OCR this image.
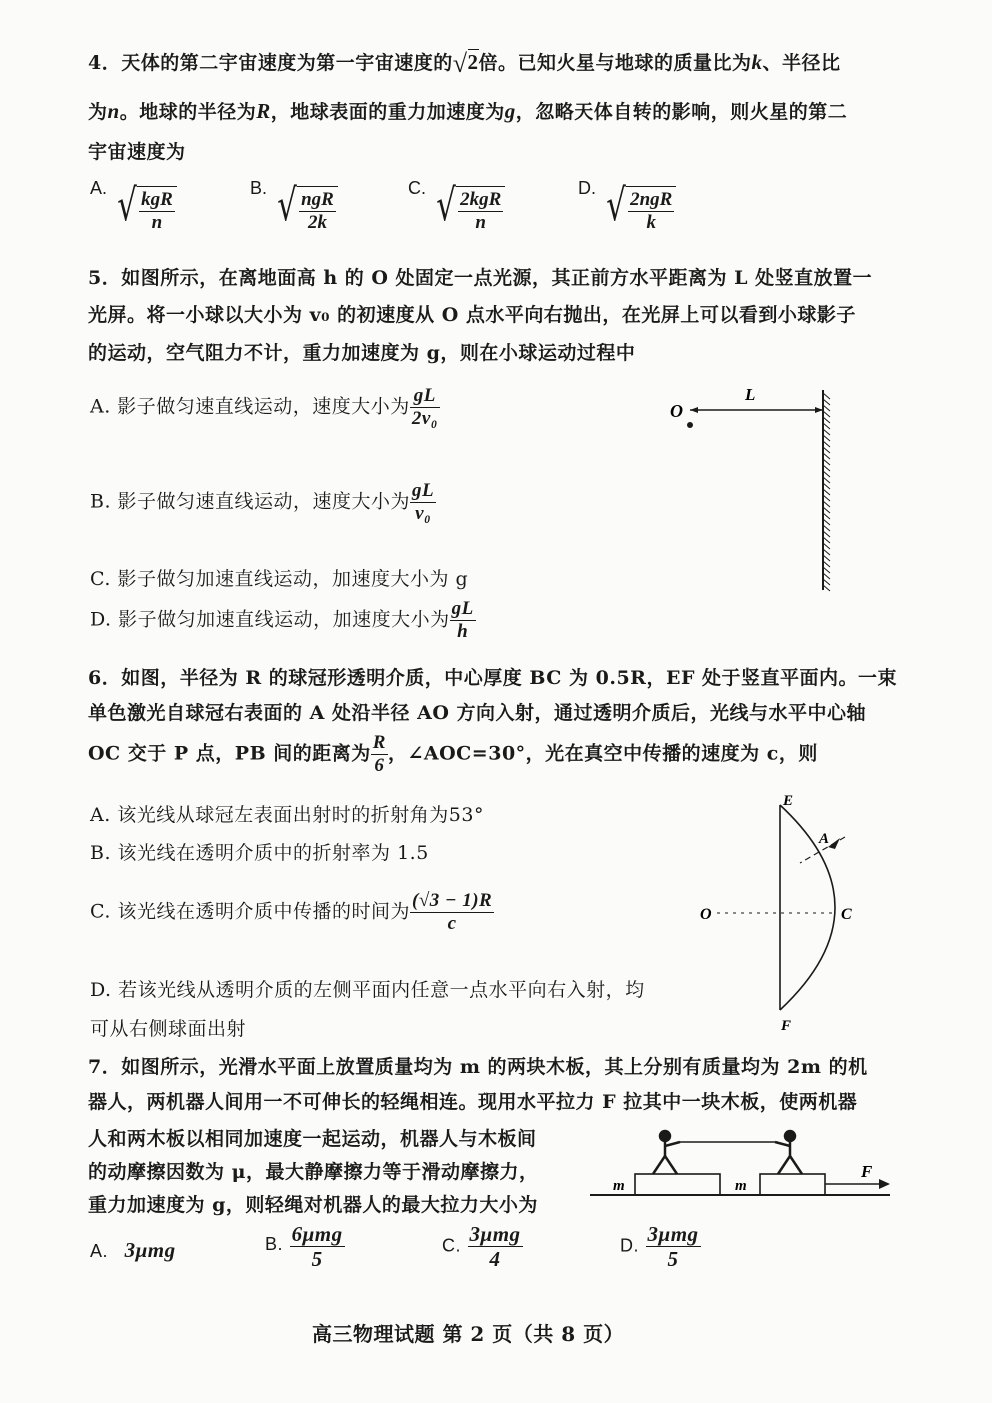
4．天体的第二宇宙速度为第一宇宙速度的 √ 2 倍。已知火星与地球的质量比为k、半径比
为n。地球的半径为R，地球表面的重力加速度为g，忽略天体自转的影响，则火星的第二
宇宙速度为
A. √ $\frac{\text{kgR}}{n}$
B. √ $\frac{\text{ngR}}{2k}$
C. √ $\frac{\text{2kgR}}{n}$
D. √ $\frac{\text{2ngR}}{k}$
5．如图所示，在离地面高 h 的 O 处固定一点光源，其正前方水平距离为 L 处竖直放置一
光屏。将一小球以大小为 v₀ 的初速度从 O 点水平向右抛出，在光屏上可以看到小球影子
的运动，空气阻力不计，重力加速度为 g，则在小球运动过程中
A. 影子做匀速直线运动，速度大小为 $\frac{gL}{\text{2v₀}}$
B. 影子做匀速直线运动，速度大小为 $\frac{gL}{\text{v₀}}$
C. 影子做匀加速直线运动，加速度大小为 g
D. 影子做匀加速直线运动，加速度大小为 $\frac{gL}{h}$
O
L
6．如图，半径为 R 的球冠形透明介质，中心厚度 BC 为 0.5R，EF 处于竖直平面内。一束
单色激光自球冠右表面的 A 处沿半径 AO 方向入射，通过透明介质后，光线与水平中心轴
OC 交于 P 点，PB 间的距离为 $\frac{R}{6}$ ，∠AOC=30°，光在真空中传播的速度为 c，则
A. 该光线从球冠左表面出射时的折射角为53°
B. 该光线在透明介质中的折射率为 1.5
C. 该光线在透明介质中传播的时间为 $\frac{(√3 - 1)R}{c}$
D. 若该光线从透明介质的左侧平面内任意一点水平向右入射，均
可从右侧球面出射
E
A
O	C
F
7．如图所示，光滑水平面上放置质量均为 m 的两块木板，其上分别有质量均为 2m 的机
器人，两机器人间用一不可伸长的轻绳相连。现用水平拉力 F 拉其中一块木板，使两机器
人和两木板以相同加速度一起运动，机器人与木板间
的动摩擦因数为 μ，最大静摩擦力等于滑动摩擦力，
重力加速度为 g，则轻绳对机器人的最大拉力大小为
m	m
F
A. 3μmg	B. $\frac{\text{6μmg}}{5}$	C. $\frac{\text{3μmg}}{4}$	D. $\frac{\text{3μmg}}{5}$
高三物理试题 第 2 页（共 8 页）
